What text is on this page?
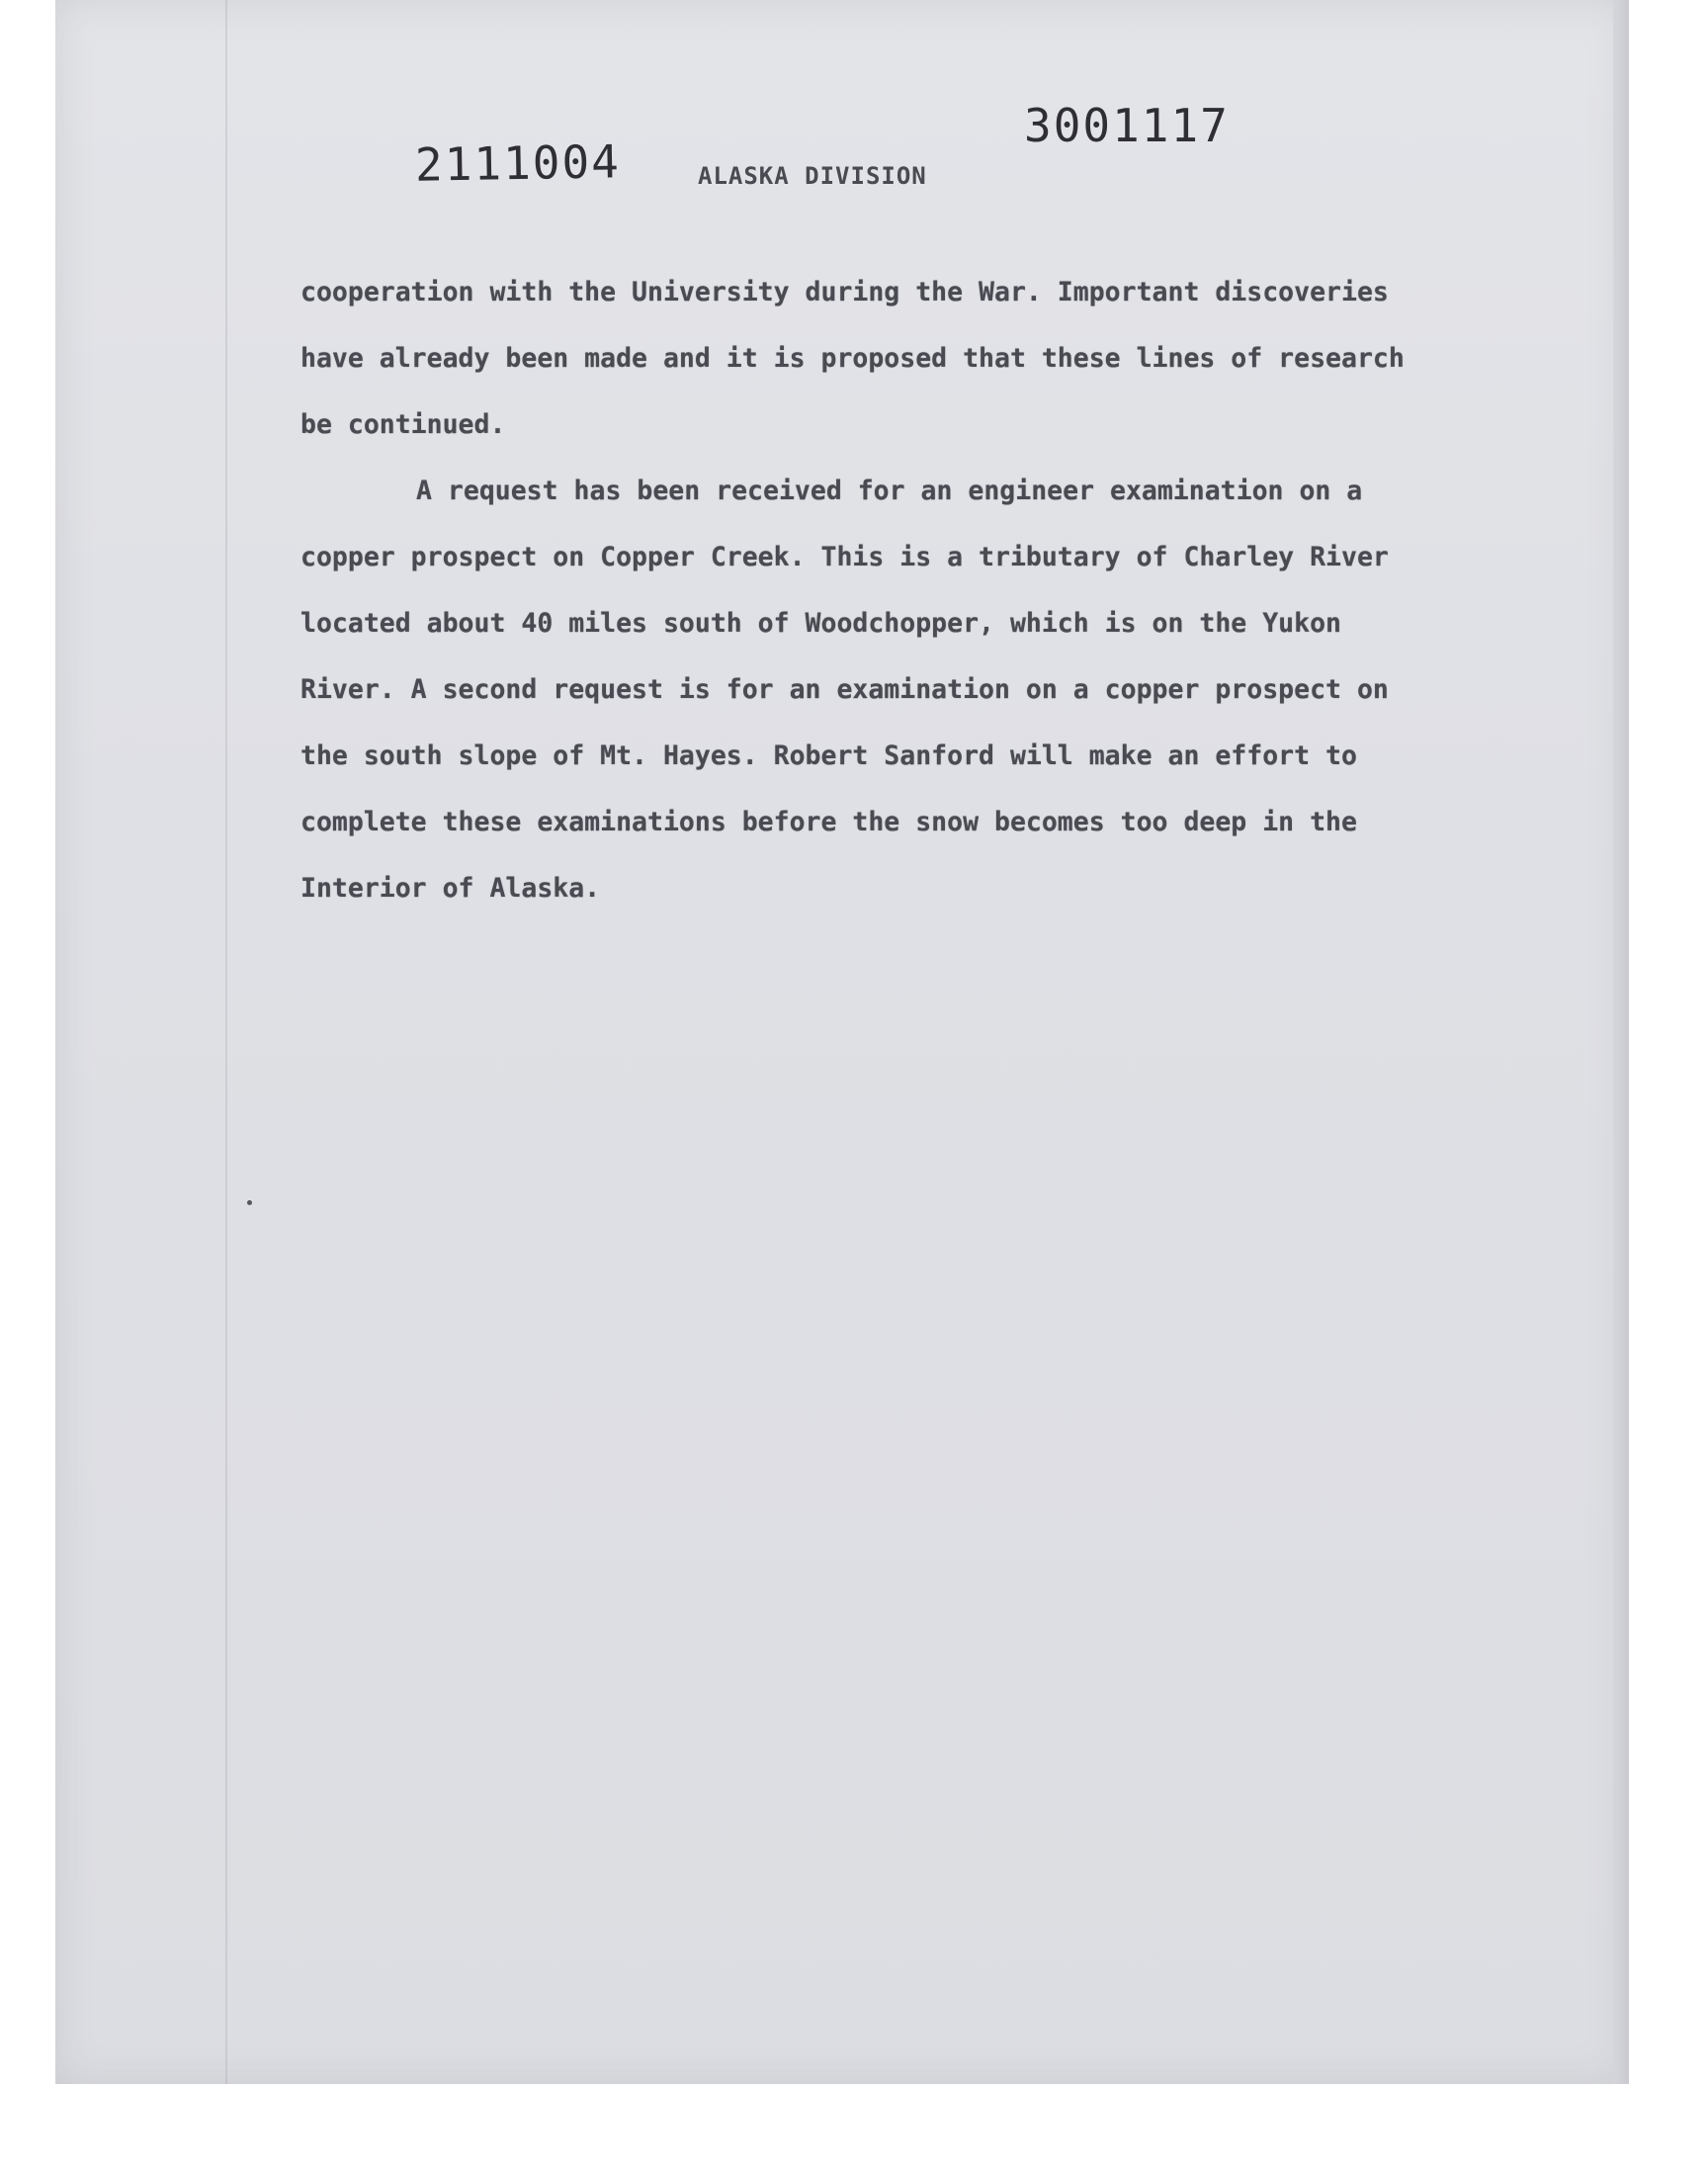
2111004
3001117
ALASKA DIVISION
cooperation with the University during the War. Important discoveries
have already been made and it is proposed that these lines of research
be continued.
A request has been received for an engineer examination on a
copper prospect on Copper Creek. This is a tributary of Charley River
located about 40 miles south of Woodchopper, which is on the Yukon
River. A second request is for an examination on a copper prospect on
the south slope of Mt. Hayes. Robert Sanford will make an effort to
complete these examinations before the snow becomes too deep in the
Interior of Alaska.
